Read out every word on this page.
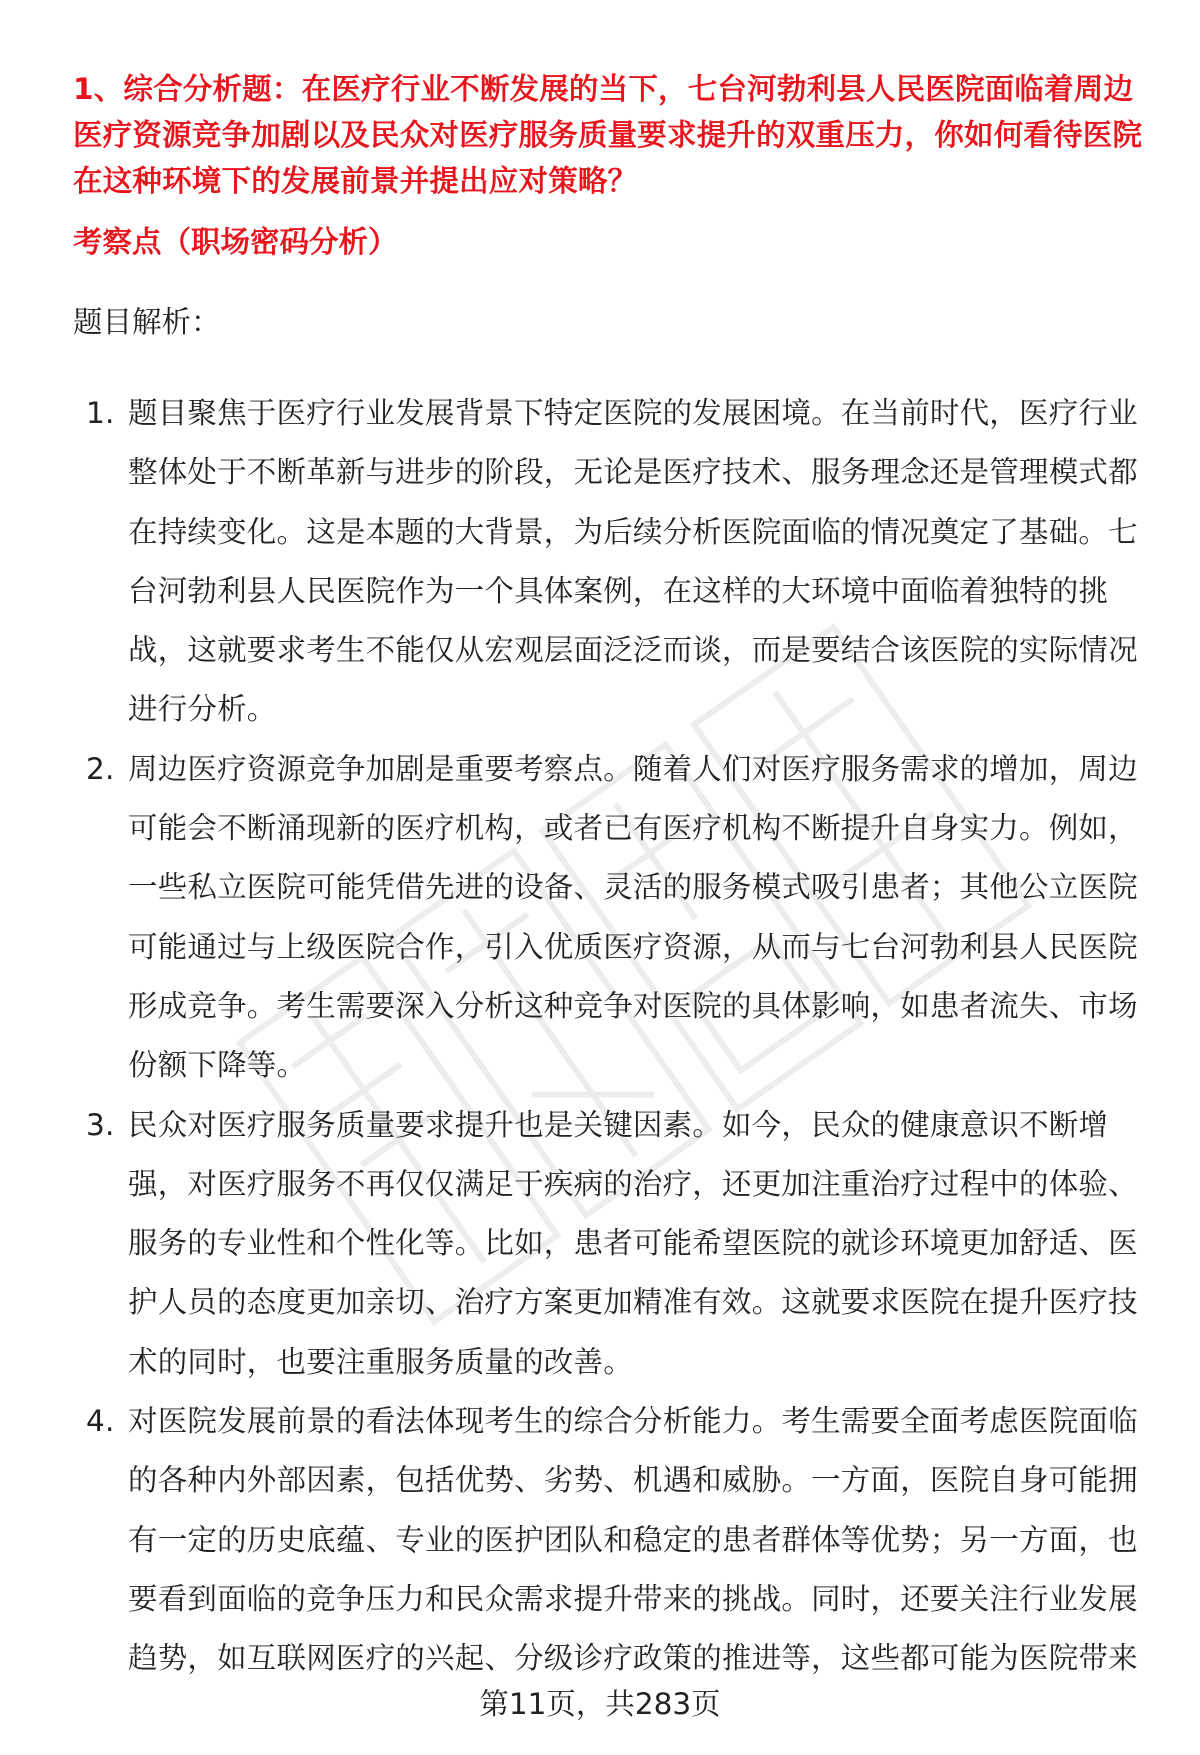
1、综合分析题：在医疗行业不断发展的当下，七台河勃利县人民医院面临着周边医疗资源竞争加剧以及民众对医疗服务质量要求提升的双重压力，你如何看待医院在这种环境下的发展前景并提出应对策略？
考察点（职场密码分析）
题目解析：
1. 题目聚焦于医疗行业发展背景下特定医院的发展困境。在当前时代，医疗行业整体处于不断革新与进步的阶段，无论是医疗技术、服务理念还是管理模式都在持续变化。这是本题的大背景，为后续分析医院面临的情况奠定了基础。七台河勃利县人民医院作为一个具体案例，在这样的大环境中面临着独特的挑战，这就要求考生不能仅从宏观层面泛泛而谈，而是要结合该医院的实际情况进行分析。
2. 周边医疗资源竞争加剧是重要考察点。随着人们对医疗服务需求的增加，周边可能会不断涌现新的医疗机构，或者已有医疗机构不断提升自身实力。例如，一些私立医院可能凭借先进的设备、灵活的服务模式吸引患者；其他公立医院可能通过与上级医院合作，引入优质医疗资源，从而与七台河勃利县人民医院形成竞争。考生需要深入分析这种竞争对医院的具体影响，如患者流失、市场份额下降等。
3. 民众对医疗服务质量要求提升也是关键因素。如今，民众的健康意识不断增强，对医疗服务不再仅仅满足于疾病的治疗，还更加注重治疗过程中的体验、服务的专业性和个性化等。比如，患者可能希望医院的就诊环境更加舒适、医护人员的态度更加亲切、治疗方案更加精准有效。这就要求医院在提升医疗技术的同时，也要注重服务质量的改善。
4. 对医院发展前景的看法体现考生的综合分析能力。考生需要全面考虑医院面临的各种内外部因素，包括优势、劣势、机遇和威胁。一方面，医院自身可能拥有一定的历史底蕴、专业的医护团队和稳定的患者群体等优势；另一方面，也要看到面临的竞争压力和民众需求提升带来的挑战。同时，还要关注行业发展趋势，如互联网医疗的兴起、分级诊疗政策的推进等，这些都可能为医院带来
第11页，共283页
